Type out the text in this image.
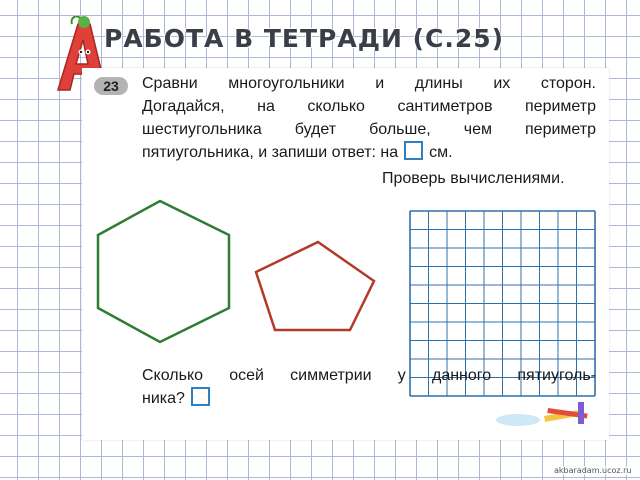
РАБОТА В ТЕТРАДИ (С.25)
23	Сравни многоугольники и длины их сторон.
Догадайся, на сколько сантиметров периметр
шестиугольника будет больше, чем периметр
пятиугольника, и запиши ответ: на см.
Проверь вычислениями.
Сколько осей симметрии у данного пятиуголь-
ника?
akbaradam.ucoz.ru
